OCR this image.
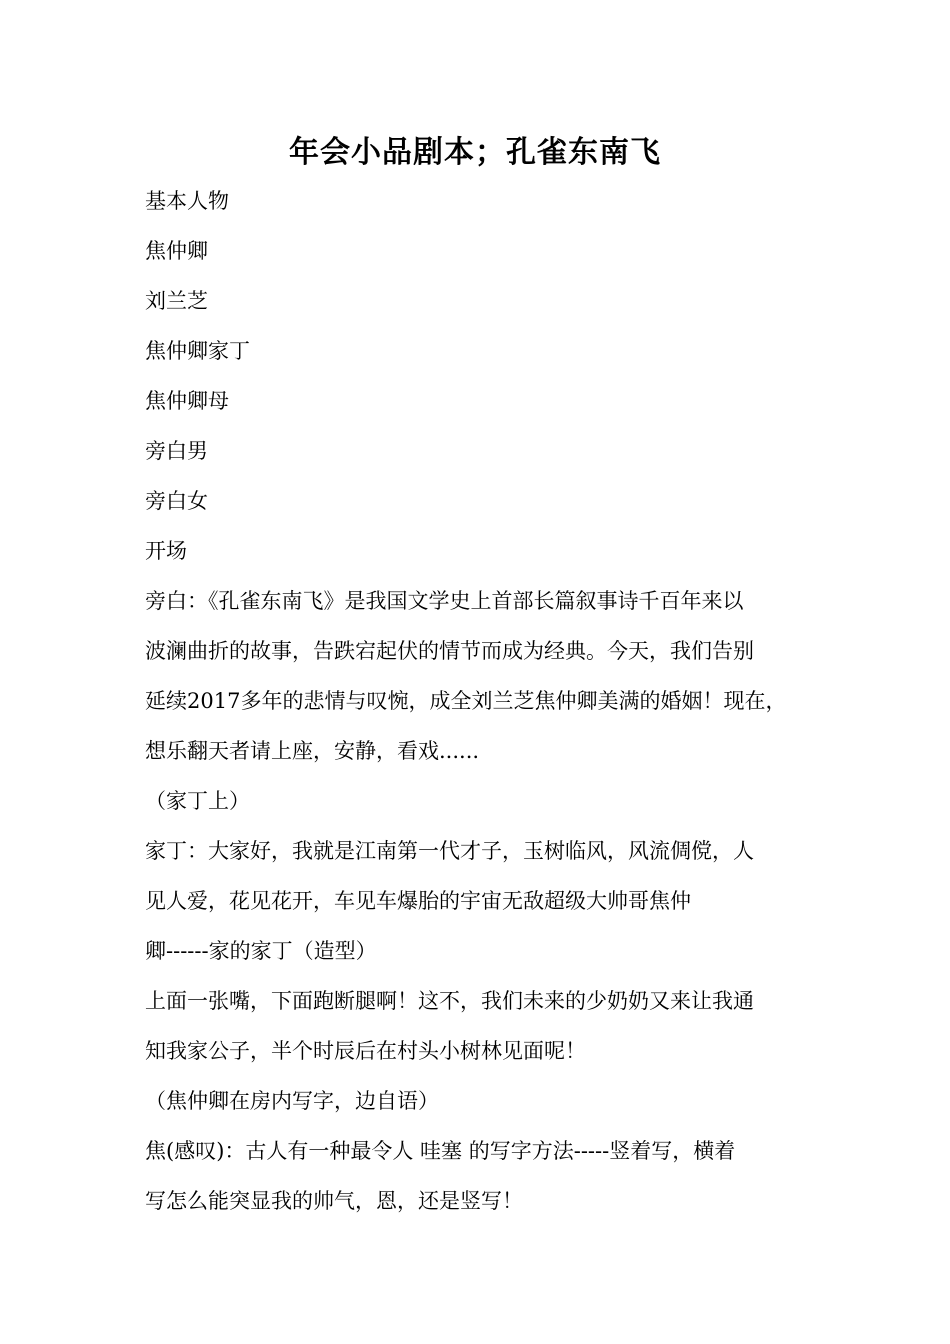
年会小品剧本；孔雀东南飞
基本人物
焦仲卿
刘兰芝
焦仲卿家丁
焦仲卿母
旁白男
旁白女
开场
旁白：《孔雀东南飞》是我国文学史上首部长篇叙事诗千百年来以
波澜曲折的故事，告跌宕起伏的情节而成为经典。今天，我们告别
延续2017多年的悲情与叹惋，成全刘兰芝焦仲卿美满的婚姻！现在，
想乐翻天者请上座，安静，看戏......
（家丁上）
家丁：大家好，我就是江南第一代才子，玉树临风，风流倜傥，人
见人爱，花见花开，车见车爆胎的宇宙无敌超级大帅哥焦仲
卿------家的家丁（造型）
上面一张嘴，下面跑断腿啊！这不，我们未来的少奶奶又来让我通
知我家公子，半个时辰后在村头小树林见面呢！
（焦仲卿在房内写字，边自语）
焦(感叹)：古人有一种最令人 哇塞 的写字方法-----竖着写，横着
写怎么能突显我的帅气，恩，还是竖写！
